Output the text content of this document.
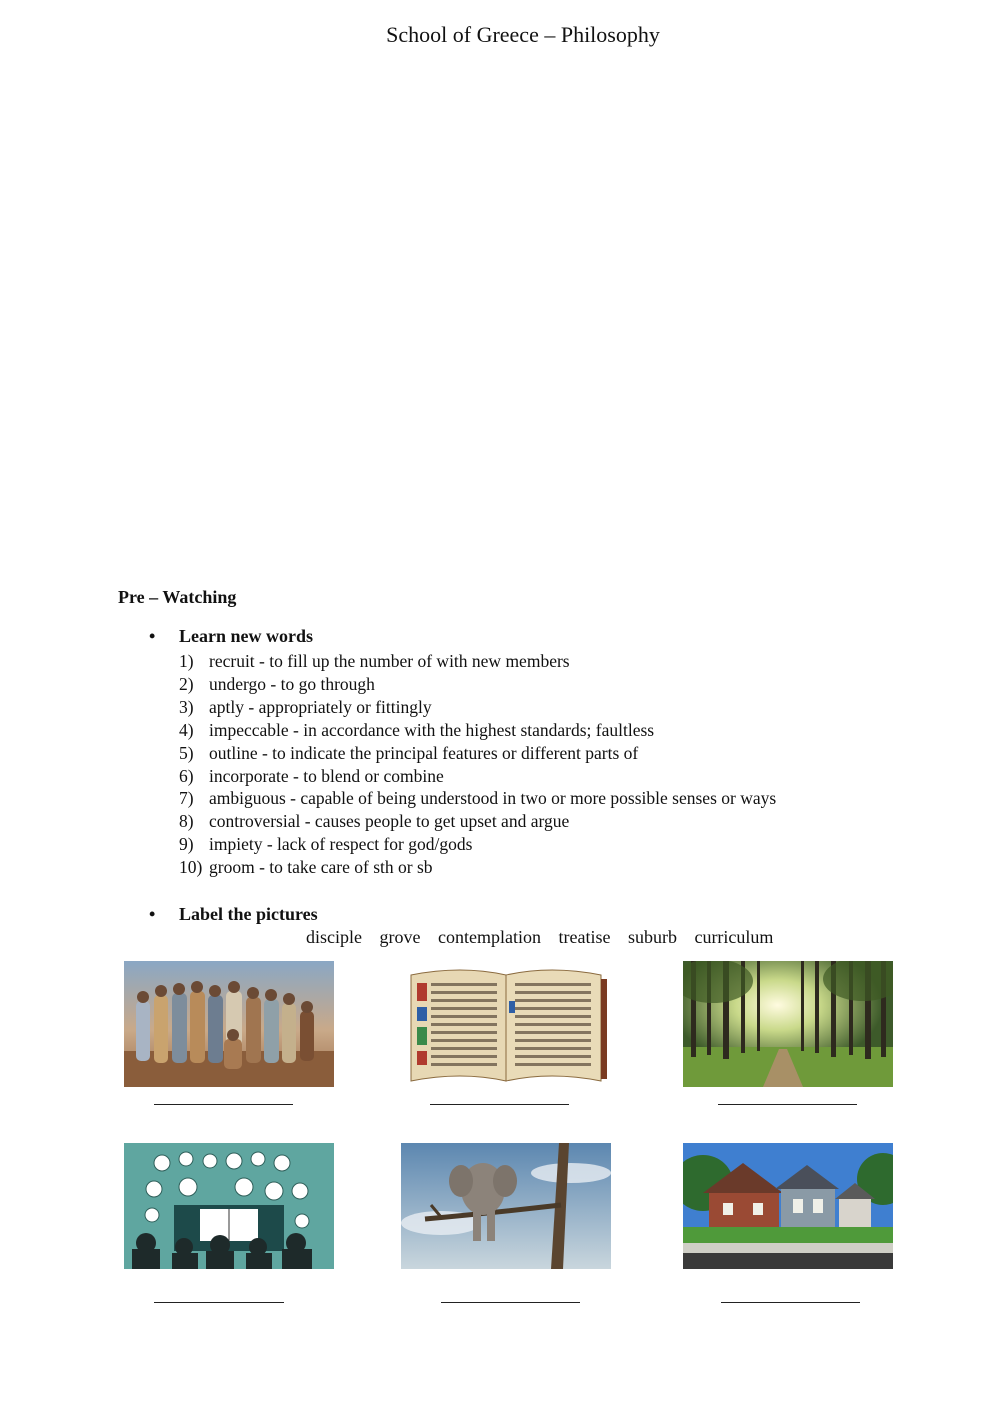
School of Greece – Philosophy
Pre – Watching
• Learn new words
1) recruit - to fill up the number of with new members
2) undergo - to go through
3) aptly - appropriately or fittingly
4) impeccable - in accordance with the highest standards; faultless
5) outline - to indicate the principal features or different parts of
6) incorporate - to blend or combine
7) ambiguous - capable of being understood in two or more possible senses or ways
8) controversial - causes people to get upset and argue
9) impiety - lack of respect for god/gods
10) groom - to take care of sth or sb
• Label the pictures
disciple grove contemplation treatise suburb curriculum
